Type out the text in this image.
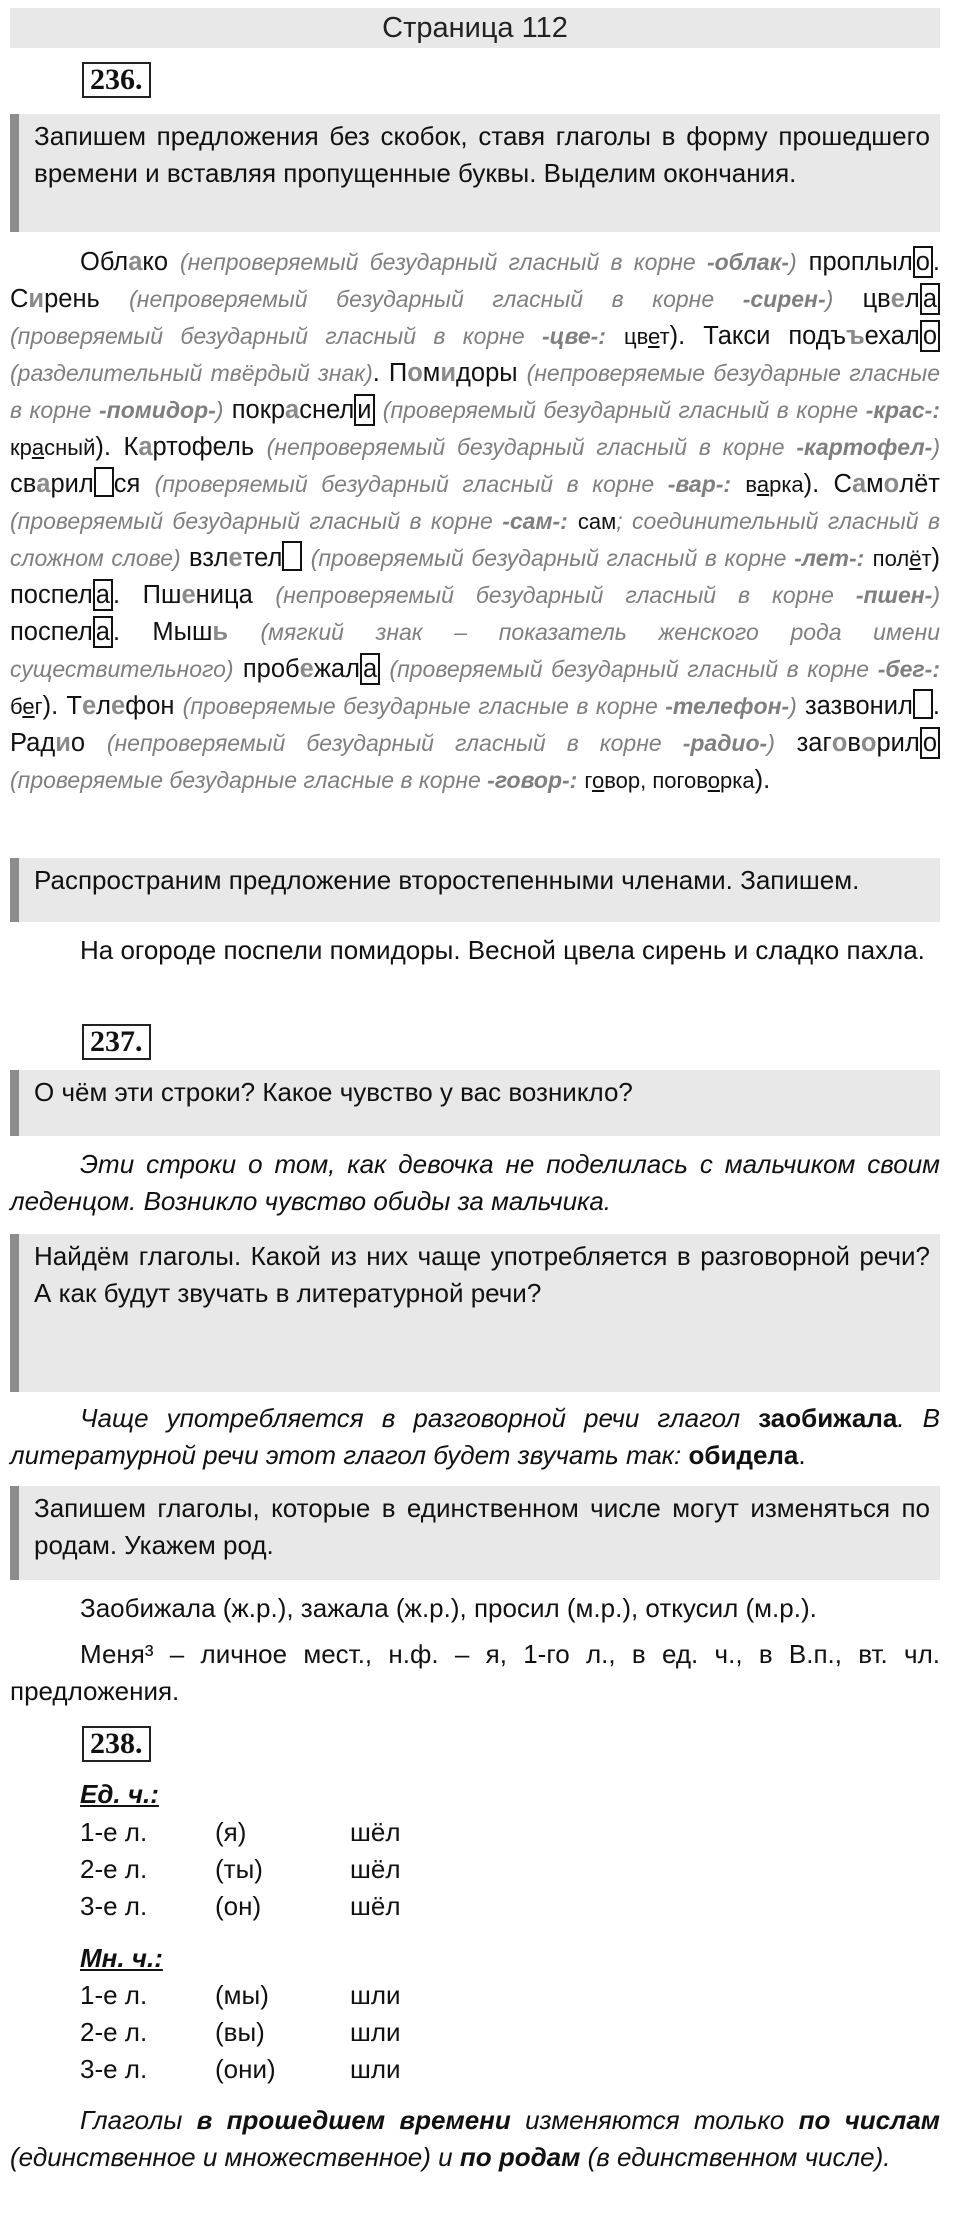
Страница 112
236.
Запишем предложения без скобок, ставя глаголы в форму прошедшего времени и вставляя пропущенные буквы. Выделим окончания.
Облако (непроверяемый безударный гласный в корне -облак-) проплыл о . Сирень (непроверяемый безударный гласный в корне -сирен-) цвел а (проверяемый безударный гласный в корне -цве-: цвет). Такси подъъехал о (разделительный твёрдый знак). Помидоры (непроверяемые безударные гласные в корне -помидор-) покраснел и (проверяемый безударный гласный в корне -крас-: красный). Картофель (непроверяемый безударный гласный в корне -картофел-) сварил ся (проверяемый безударный гласный в корне -вар-: варка). Самолёт (проверяемый безударный гласный в корне -сам-: сам; соединительный гласный в сложном слове) взлетел (проверяемый безударный гласный в корне -лет-: полёт) поспел а . Пшеница (непроверяемый безударный гласный в корне -пшен-) поспел а . Мышь (мягкий знак – показатель женского рода имени существительного) пробежал а (проверяемый безударный гласный в корне -бег-: бег). Телефон (проверяемые безударные гласные в корне -телефон-) зазвонил . Радио (непроверяемый безударный гласный в корне -радио-) заговорил о (проверяемые безударные гласные в корне -говор-: говор, поговорка).
Распространим предложение второстепенными членами. Запишем.
На огороде поспели помидоры. Весной цвела сирень и сладко пахла.
237.
О чём эти строки? Какое чувство у вас возникло?
Эти строки о том, как девочка не поделилась с мальчиком своим леденцом. Возникло чувство обиды за мальчика.
Найдём глаголы. Какой из них чаще употребляется в разговорной речи? А как будут звучать в литературной речи?
Чаще употребляется в разговорной речи глагол заобижала. В литературной речи этот глагол будет звучать так: обидела.
Запишем глаголы, которые в единственном числе могут изменяться по родам. Укажем род.
Заобижала (ж.р.), зажала (ж.р.), просил (м.р.), откусил (м.р.).
Меня³ – личное мест., н.ф. – я, 1-го л., в ед. ч., в В.п., вт. чл. предложения.
238.
Ед. ч.:
1-е л.	(я)	шёл
2-е л.	(ты)	шёл
3-е л.	(он)	шёл
Мн. ч.:
1-е л.	(мы)	шли
2-е л.	(вы)	шли
3-е л.	(они)	шли
Глаголы в прошедшем времени изменяются только по числам (единственное и множественное) и по родам (в единственном числе).
